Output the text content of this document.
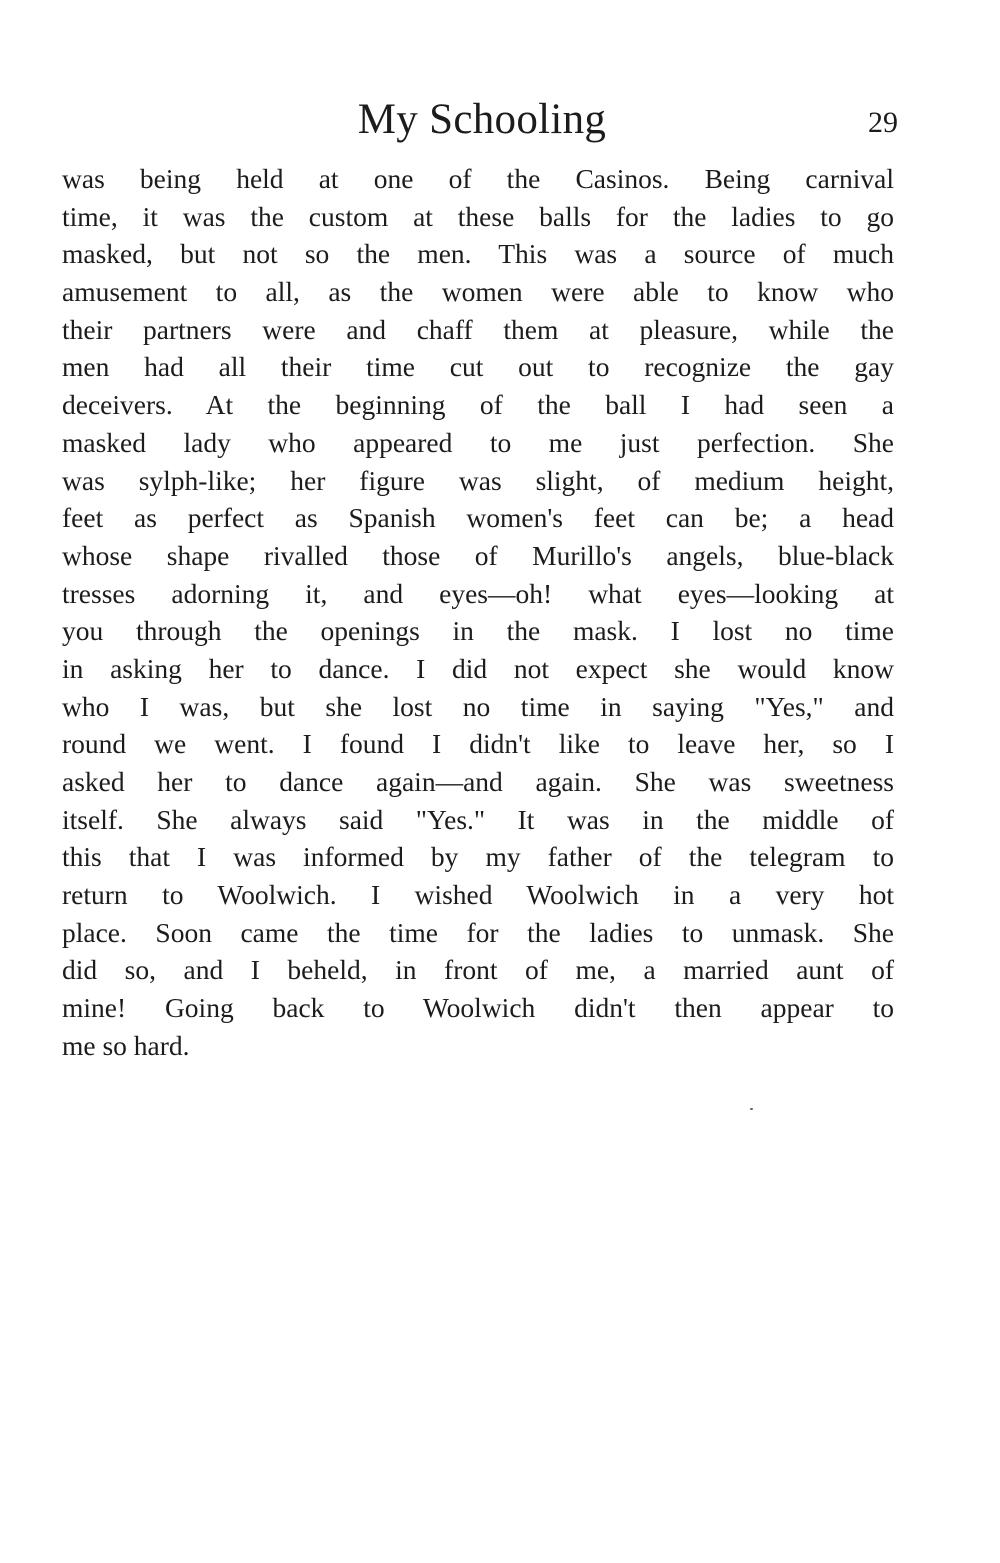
My Schooling	29
was being held at one of the Casinos. Being carnival
time, it was the custom at these balls for the ladies to go
masked, but not so the men. This was a source of much
amusement to all, as the women were able to know who
their partners were and chaff them at pleasure, while the
men had all their time cut out to recognize the gay
deceivers. At the beginning of the ball I had seen a
masked lady who appeared to me just perfection. She
was sylph-like; her figure was slight, of medium height,
feet as perfect as Spanish women's feet can be; a head
whose shape rivalled those of Murillo's angels, blue-black
tresses adorning it, and eyes—oh! what eyes—looking at
you through the openings in the mask. I lost no time
in asking her to dance. I did not expect she would know
who I was, but she lost no time in saying "Yes," and
round we went. I found I didn't like to leave her, so I
asked her to dance again—and again. She was sweetness
itself. She always said "Yes." It was in the middle of
this that I was informed by my father of the telegram to
return to Woolwich. I wished Woolwich in a very hot
place. Soon came the time for the ladies to unmask. She
did so, and I beheld, in front of me, a married aunt of
mine! Going back to Woolwich didn't then appear to
me so hard.
